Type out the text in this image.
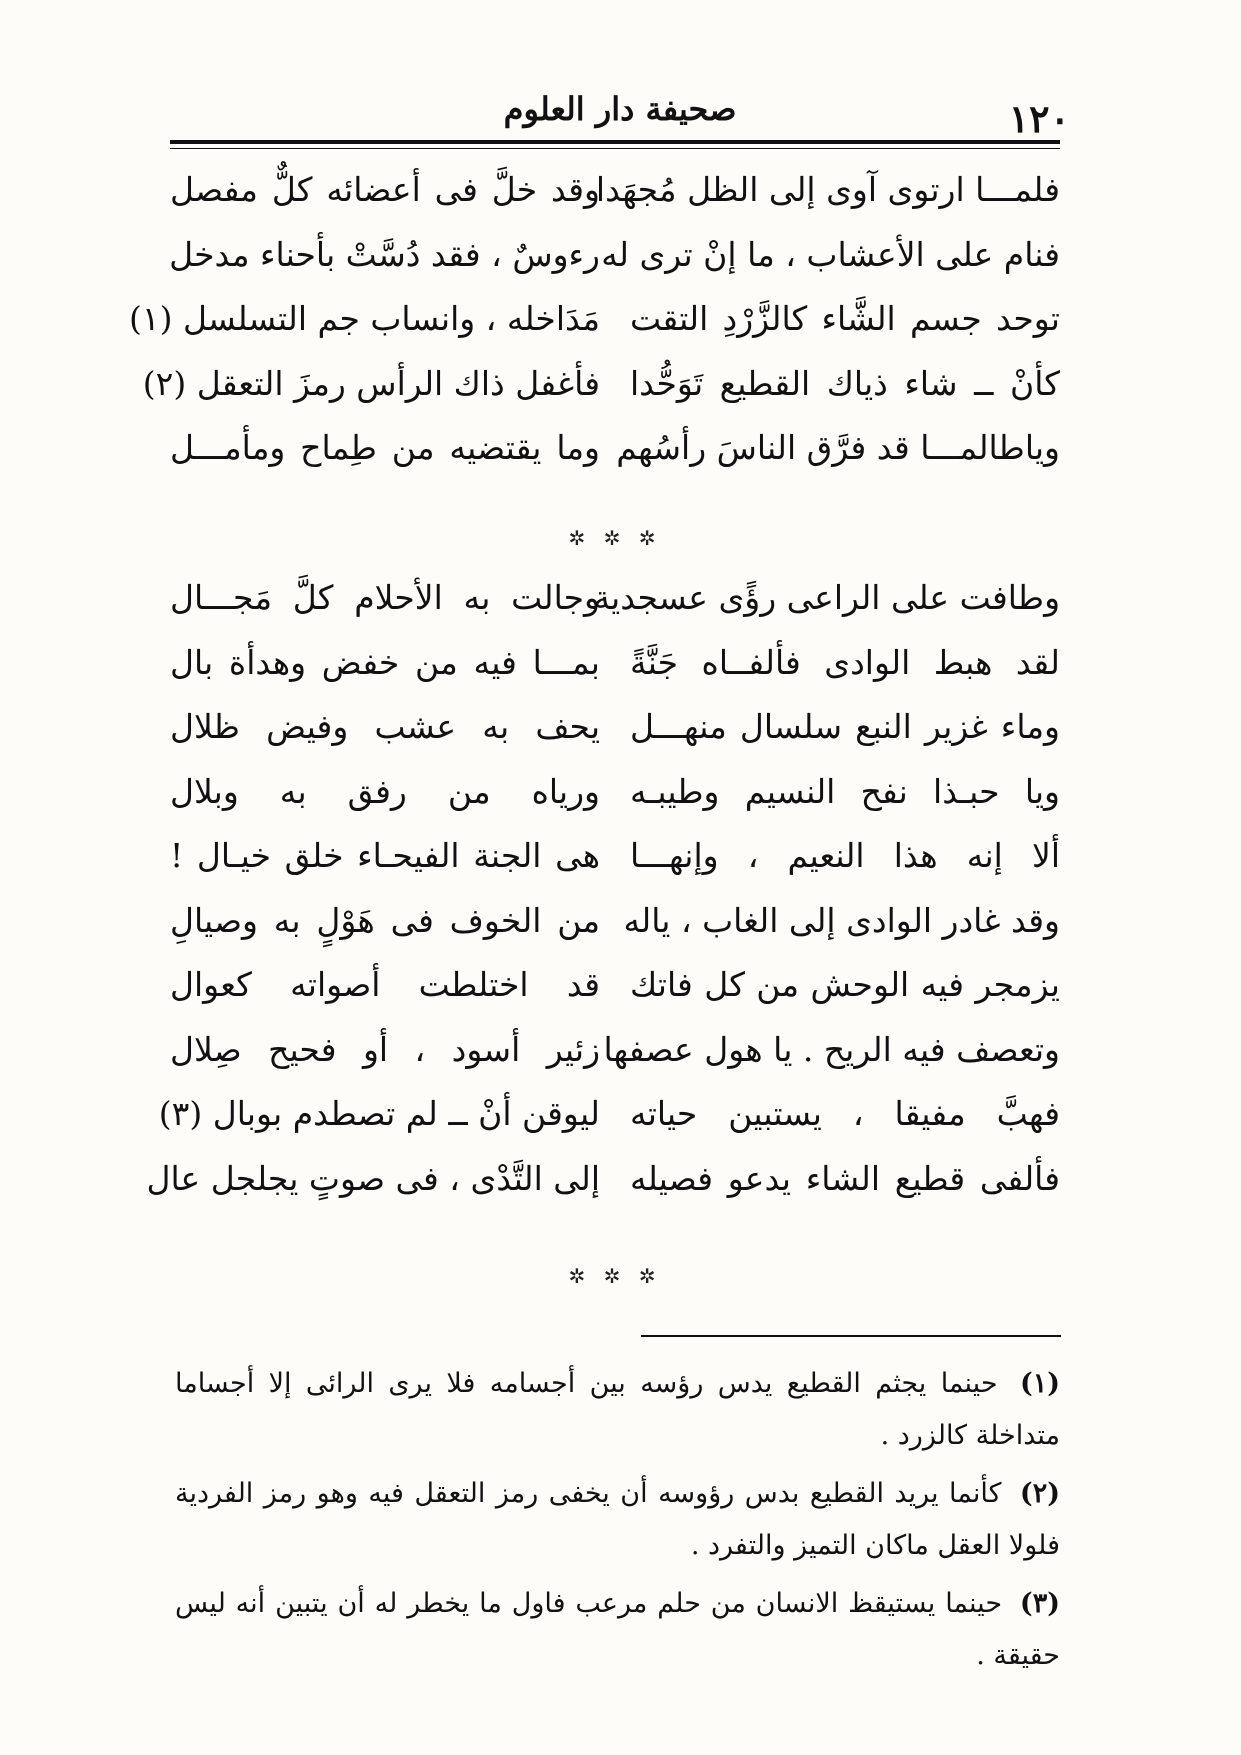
١٢٠
صحيفة دار العلوم
فلمـــا ارتوى آوى إلى الظل مُجهَدا
وقد خلَّ فى أعضائه كلٌّ مفصل
فنام على الأعشاب ، ما إنْ ترى له
رءوسٌ ، فقد دُسَّتْ بأحناء مدخل
توحد جسم الشَّاء كالزَّرْدِ التقت
مَدَاخله ، وانساب جم التسلسل (١)
كأنْ ــ شاء ذياك القطيع تَوَحُّدا
فأغفل ذاك الرأس رمزَ التعقل (٢)
وياطالمـــا قد فرَّق الناسَ رأسُهم
وما يقتضيه من طِماح ومأمـــل
✲ ✲ ✲
وطافت على الراعى رؤًى عسجدية
وجالت به الأحلام كلَّ مَجـــال
لقد هبط الوادى فألفــاه جَنَّةً
بمـــا فيه من خفض وهدأة بال
وماء غزير النبع سلسال منهـــل
يحف به عشب وفيض ظلال
ويا حبـذا نفح النسيم وطيبـه
ورياه من رفق به وبلال
ألا إنه هذا النعيم ، وإنهـــا
هى الجنة الفيحـاء خلق خيـال !
وقد غادر الوادى إلى الغاب ، ياله
من الخوف فى هَوْلٍ به وصيالِ
يزمجر فيه الوحش من كل فاتك
قد اختلطت أصواته كعوال
وتعصف فيه الريح . يا هول عصفها
زئير أسود ، أو فحيح صِلال
فهبَّ مفيقا ، يستبين حياته
ليوقن أنْ ــ لم تصطدم بوبال (٣)
فألفى قطيع الشاء يدعو فصيله
إلى التَّدْى ، فى صوتٍ يجلجل عال
✲ ✲ ✲

(١) حينما يجثم القطيع يدس رؤسه بين أجسامه فلا يرى الرائى إلا أجساما متداخلة كالزرد .

(٢) كأنما يريد القطيع بدس رؤوسه أن يخفى رمز التعقل فيه وهو رمز الفردية فلولا العقل ماكان التميز والتفرد .

(٣) حينما يستيقظ الانسان من حلم مرعب فاول ما يخطر له أن يتبين أنه ليس حقيقة .
